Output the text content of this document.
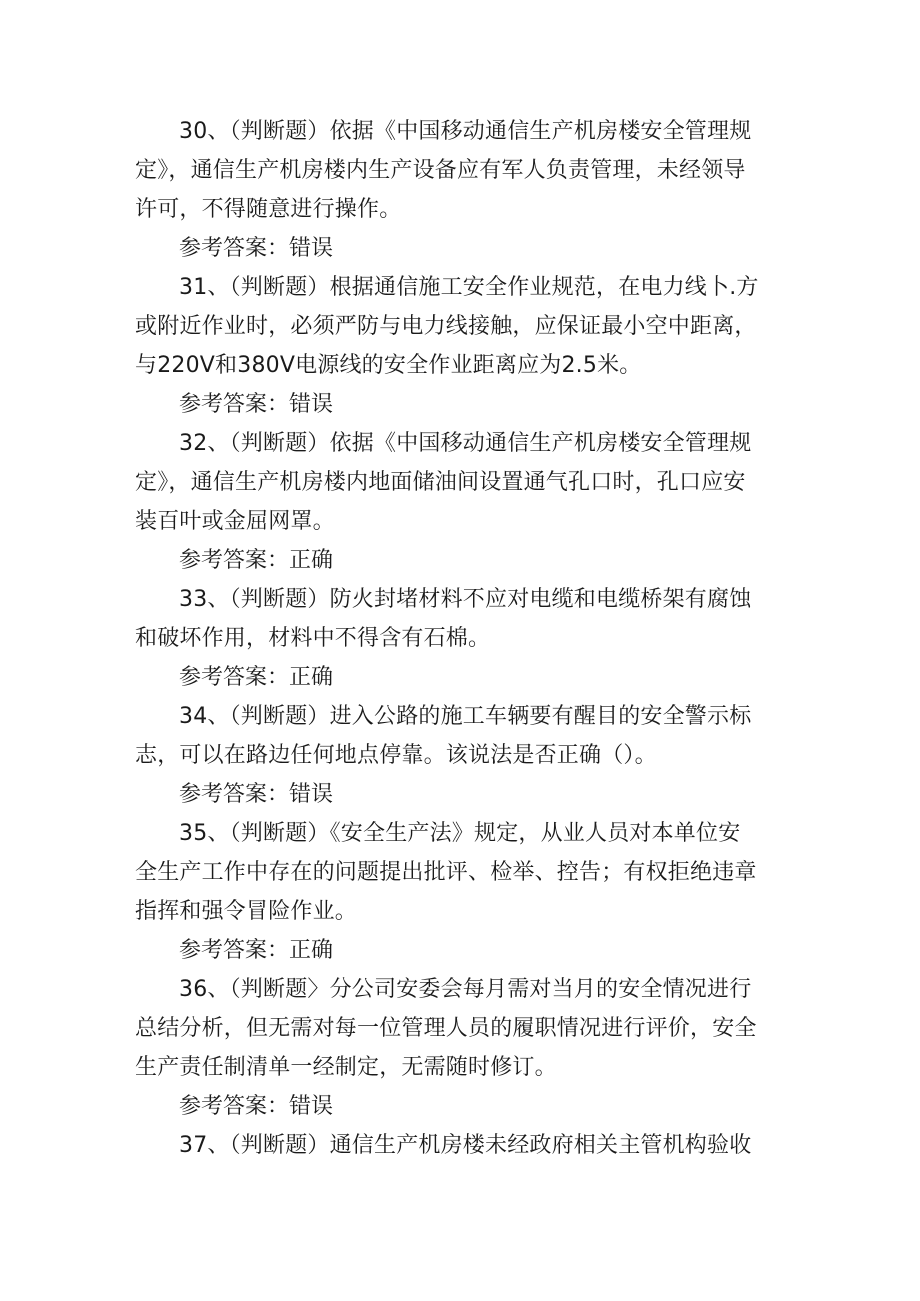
30、（判断题）依据《中国移动通信生产机房楼安全管理规
定》，通信生产机房楼内生产设备应有军人负责管理，未经领导
许可，不得随意进行操作。
参考答案：错误
31、（判断题）根据通信施工安全作业规范，在电力线卜.方
或附近作业时，必须严防与电力线接触，应保证最小空中距离，
与220V和380V电源线的安全作业距离应为2.5米。
参考答案：错误
32、（判断题）依据《中国移动通信生产机房楼安全管理规
定》，通信生产机房楼内地面储油间设置通气孔口时，孔口应安
装百叶或金屈网罩。
参考答案：正确
33、（判断题）防火封堵材料不应对电缆和电缆桥架有腐蚀
和破坏作用，材料中不得含有石棉。
参考答案：正确
34、（判断题）进入公路的施工车辆要有醒目的安全警示标
志，可以在路边任何地点停靠。该说法是否正确（）。
参考答案：错误
35、（判断题）《安全生产法》规定，从业人员对本单位安
全生产工作中存在的问题提出批评、检举、控告；有权拒绝违章
指挥和强令冒险作业。
参考答案：正确
36、（判断题〉分公司安委会每月需对当月的安全情况进行
总结分析，但无需对每一位管理人员的履职情况进行评价，安全
生产责任制清单一经制定，无需随时修订。
参考答案：错误
37、（判断题）通信生产机房楼未经政府相关主管机构验收
